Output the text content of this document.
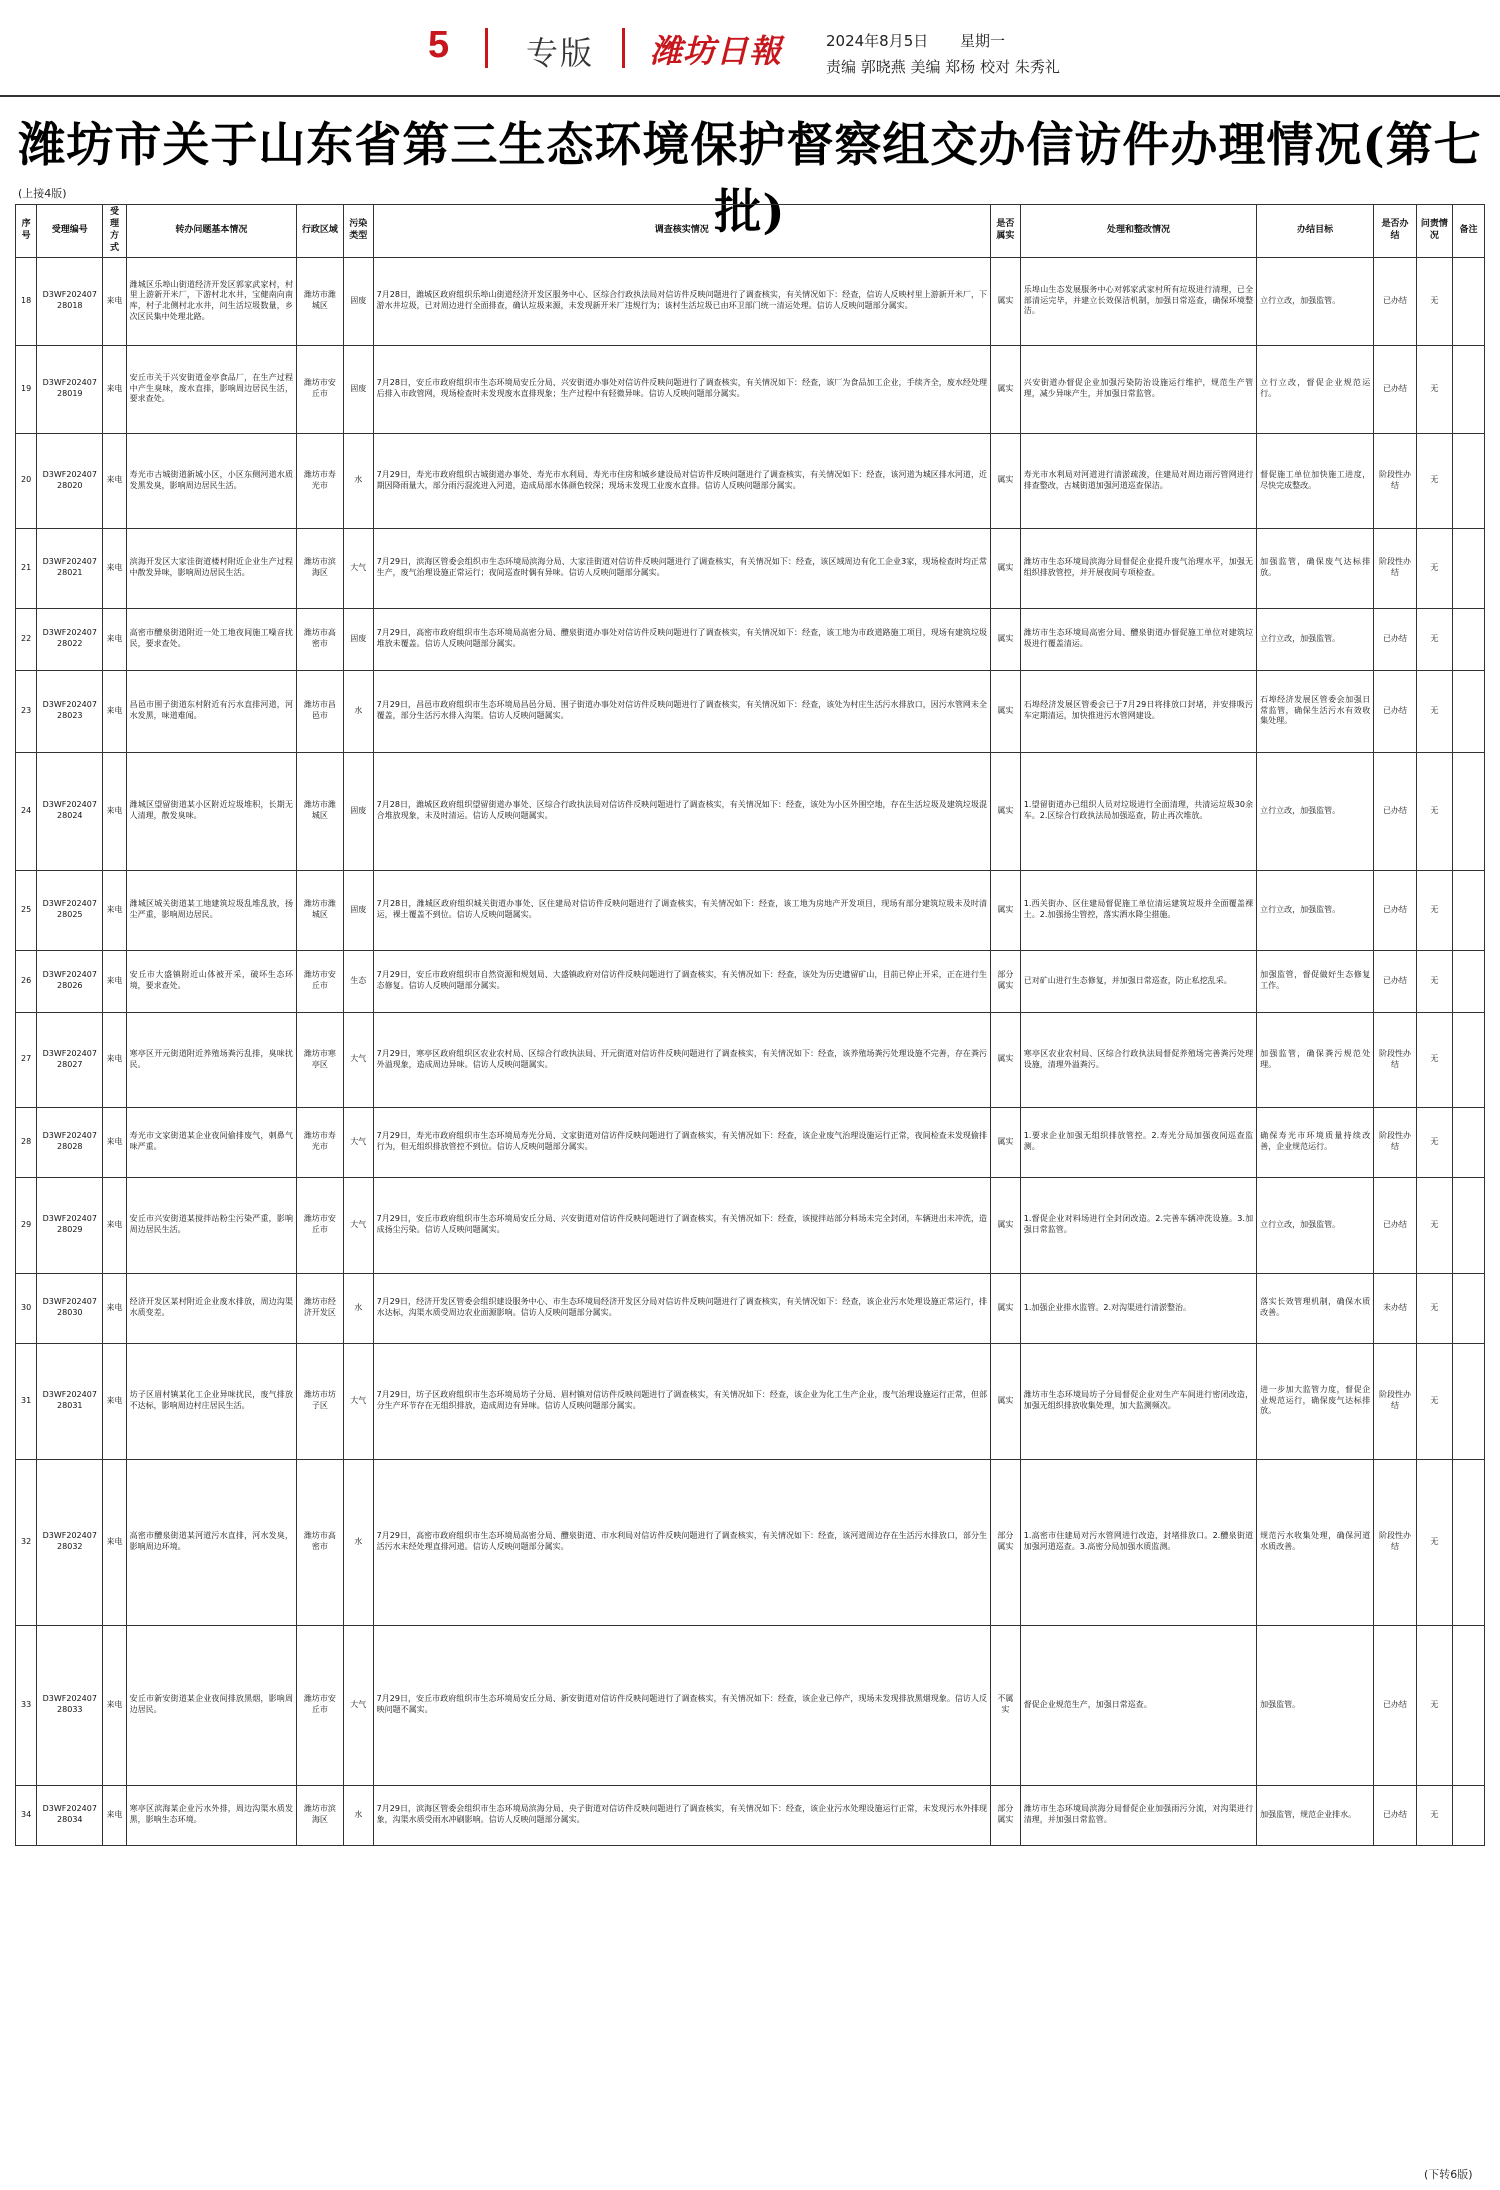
5 专版 潍坊日報	2024年8月5日 星期一
责编 郭晓燕 美编 郑杨 校对 朱秀礼
潍坊市关于山东省第三生态环境保护督察组交办信访件办理情况(第七批)
(上接4版)
序号	受理编号	受理方式	转办问题基本情况	行政区域	污染类型	调查核实情况	是否属实	处理和整改情况	办结目标	是否办结	问责情况	备注
18	D3WF20240728018	来电	潍城区乐埠山街道经济开发区郭家武家村，村里上游新开米厂，下游村北水井，宝健南向南库，村子北侧村北水井，问生活垃圾数量，乡次区民集中处理北路。	潍坊市潍城区	固废	7月28日，潍城区政府组织乐埠山街道经济开发区服务中心、区综合行政执法局对信访件反映问题进行了调查核实，有关情况如下：经查，信访人反映村里上游新开米厂，下游水井垃圾，已对周边进行全面排查，确认垃圾来源，未发现新开米厂违规行为；该村生活垃圾已由环卫部门统一清运处理。信访人反映问题部分属实。	属实	乐埠山生态发展服务中心对郭家武家村所有垃圾进行清理，已全部清运完毕，并建立长效保洁机制，加强日常巡查，确保环境整洁。	立行立改，加强监管。	已办结	无	
19	D3WF20240728019	来电	安丘市关于兴安街道金亭食品厂，在生产过程中产生臭味，废水直排，影响周边居民生活，要求查处。	潍坊市安丘市	固废	7月28日，安丘市政府组织市生态环境局安丘分局、兴安街道办事处对信访件反映问题进行了调查核实，有关情况如下：经查，该厂为食品加工企业，手续齐全，废水经处理后排入市政管网，现场检查时未发现废水直排现象；生产过程中有轻微异味。信访人反映问题部分属实。	属实	兴安街道办督促企业加强污染防治设施运行维护，规范生产管理，减少异味产生，并加强日常监管。	立行立改，督促企业规范运行。	已办结	无	
20	D3WF20240728020	来电	寿光市古城街道新城小区，小区东侧河道水质发黑发臭，影响周边居民生活。	潍坊市寿光市	水	7月29日，寿光市政府组织古城街道办事处、寿光市水利局、寿光市住房和城乡建设局对信访件反映问题进行了调查核实，有关情况如下：经查，该河道为城区排水河道，近期因降雨量大，部分雨污混流进入河道，造成局部水体颜色较深；现场未发现工业废水直排。信访人反映问题部分属实。	属实	寿光市水利局对河道进行清淤疏浚，住建局对周边雨污管网进行排查整改，古城街道加强河道巡查保洁。	督促施工单位加快施工进度，尽快完成整改。	阶段性办结	无	
21	D3WF20240728021	来电	滨海开发区大家洼街道楼村附近企业生产过程中散发异味，影响周边居民生活。	潍坊市滨海区	大气	7月29日，滨海区管委会组织市生态环境局滨海分局、大家洼街道对信访件反映问题进行了调查核实，有关情况如下：经查，该区域周边有化工企业3家，现场检查时均正常生产，废气治理设施正常运行；夜间巡查时偶有异味。信访人反映问题部分属实。	属实	潍坊市生态环境局滨海分局督促企业提升废气治理水平，加强无组织排放管控，并开展夜间专项检查。	加强监管，确保废气达标排放。	阶段性办结	无	
22	D3WF20240728022	来电	高密市醴泉街道附近一处工地夜间施工噪音扰民，要求查处。	潍坊市高密市	固废	7月29日，高密市政府组织市生态环境局高密分局、醴泉街道办事处对信访件反映问题进行了调查核实，有关情况如下：经查，该工地为市政道路施工项目，现场有建筑垃圾堆放未覆盖。信访人反映问题部分属实。	属实	潍坊市生态环境局高密分局、醴泉街道办督促施工单位对建筑垃圾进行覆盖清运。	立行立改，加强监管。	已办结	无	
23	D3WF20240728023	来电	昌邑市围子街道东村附近有污水直排河道，河水发黑，味道难闻。	潍坊市昌邑市	水	7月29日，昌邑市政府组织市生态环境局昌邑分局、围子街道办事处对信访件反映问题进行了调查核实，有关情况如下：经查，该处为村庄生活污水排放口，因污水管网未全覆盖，部分生活污水排入沟渠。信访人反映问题属实。	属实	石埠经济发展区管委会已于7月29日将排放口封堵，并安排吸污车定期清运，加快推进污水管网建设。	石埠经济发展区管委会加强日常监管，确保生活污水有效收集处理。	已办结	无	
24	D3WF20240728024	来电	潍城区望留街道某小区附近垃圾堆积，长期无人清理，散发臭味。	潍坊市潍城区	固废	7月28日，潍城区政府组织望留街道办事处、区综合行政执法局对信访件反映问题进行了调查核实，有关情况如下：经查，该处为小区外围空地，存在生活垃圾及建筑垃圾混合堆放现象，未及时清运。信访人反映问题属实。	属实	1.望留街道办已组织人员对垃圾进行全面清理，共清运垃圾30余车。2.区综合行政执法局加强巡查，防止再次堆放。	立行立改，加强监管。	已办结	无	
25	D3WF20240728025	来电	潍城区城关街道某工地建筑垃圾乱堆乱放，扬尘严重，影响周边居民。	潍坊市潍城区	固废	7月28日，潍城区政府组织城关街道办事处、区住建局对信访件反映问题进行了调查核实，有关情况如下：经查，该工地为房地产开发项目，现场有部分建筑垃圾未及时清运，裸土覆盖不到位。信访人反映问题属实。	属实	1.西关街办、区住建局督促施工单位清运建筑垃圾并全面覆盖裸土。2.加强扬尘管控，落实洒水降尘措施。	立行立改，加强监管。	已办结	无	
26	D3WF20240728026	来电	安丘市大盛镇附近山体被开采，破坏生态环境，要求查处。	潍坊市安丘市	生态	7月29日，安丘市政府组织市自然资源和规划局、大盛镇政府对信访件反映问题进行了调查核实，有关情况如下：经查，该处为历史遗留矿山，目前已停止开采，正在进行生态修复。信访人反映问题部分属实。	部分属实	已对矿山进行生态修复，并加强日常巡查，防止私挖乱采。	加强监管，督促做好生态修复工作。	已办结	无	
27	D3WF20240728027	来电	寒亭区开元街道附近养殖场粪污乱排，臭味扰民。	潍坊市寒亭区	大气	7月29日，寒亭区政府组织区农业农村局、区综合行政执法局、开元街道对信访件反映问题进行了调查核实，有关情况如下：经查，该养殖场粪污处理设施不完善，存在粪污外溢现象，造成周边异味。信访人反映问题属实。	属实	寒亭区农业农村局、区综合行政执法局督促养殖场完善粪污处理设施，清理外溢粪污。	加强监管，确保粪污规范处理。	阶段性办结	无	
28	D3WF20240728028	来电	寿光市文家街道某企业夜间偷排废气，刺鼻气味严重。	潍坊市寿光市	大气	7月29日，寿光市政府组织市生态环境局寿光分局、文家街道对信访件反映问题进行了调查核实，有关情况如下：经查，该企业废气治理设施运行正常，夜间检查未发现偷排行为，但无组织排放管控不到位。信访人反映问题部分属实。	属实	1.要求企业加强无组织排放管控。2.寿光分局加强夜间巡查监测。	确保寿光市环境质量持续改善，企业规范运行。	阶段性办结	无	
29	D3WF20240728029	来电	安丘市兴安街道某搅拌站粉尘污染严重，影响周边居民生活。	潍坊市安丘市	大气	7月29日，安丘市政府组织市生态环境局安丘分局、兴安街道对信访件反映问题进行了调查核实，有关情况如下：经查，该搅拌站部分料场未完全封闭，车辆进出未冲洗，造成扬尘污染。信访人反映问题属实。	属实	1.督促企业对料场进行全封闭改造。2.完善车辆冲洗设施。3.加强日常监管。	立行立改，加强监管。	已办结	无	
30	D3WF20240728030	来电	经济开发区某村附近企业废水排放，周边沟渠水质变差。	潍坊市经济开发区	水	7月29日，经济开发区管委会组织建设服务中心、市生态环境局经济开发区分局对信访件反映问题进行了调查核实，有关情况如下：经查，该企业污水处理设施正常运行，排水达标，沟渠水质受周边农业面源影响。信访人反映问题部分属实。	属实	1.加强企业排水监管。2.对沟渠进行清淤整治。	落实长效管理机制，确保水质改善。	未办结	无	
31	D3WF20240728031	来电	坊子区眉村镇某化工企业异味扰民，废气排放不达标，影响周边村庄居民生活。	潍坊市坊子区	大气	7月29日，坊子区政府组织市生态环境局坊子分局、眉村镇对信访件反映问题进行了调查核实，有关情况如下：经查，该企业为化工生产企业，废气治理设施运行正常，但部分生产环节存在无组织排放，造成周边有异味。信访人反映问题部分属实。	属实	潍坊市生态环境局坊子分局督促企业对生产车间进行密闭改造，加强无组织排放收集处理，加大监测频次。	进一步加大监管力度，督促企业规范运行，确保废气达标排放。	阶段性办结	无	
32	D3WF20240728032	来电	高密市醴泉街道某河道污水直排，河水发臭，影响周边环境。	潍坊市高密市	水	7月29日，高密市政府组织市生态环境局高密分局、醴泉街道、市水利局对信访件反映问题进行了调查核实，有关情况如下：经查，该河道周边存在生活污水排放口，部分生活污水未经处理直排河道。信访人反映问题部分属实。	部分属实	1.高密市住建局对污水管网进行改造，封堵排放口。2.醴泉街道加强河道巡查。3.高密分局加强水质监测。	规范污水收集处理，确保河道水质改善。	阶段性办结	无	
33	D3WF20240728033	来电	安丘市新安街道某企业夜间排放黑烟，影响周边居民。	潍坊市安丘市	大气	7月29日，安丘市政府组织市生态环境局安丘分局、新安街道对信访件反映问题进行了调查核实，有关情况如下：经查，该企业已停产，现场未发现排放黑烟现象。信访人反映问题不属实。	不属实	督促企业规范生产，加强日常巡查。	加强监管。	已办结	无	
34	D3WF20240728034	来电	寒亭区滨海某企业污水外排，周边沟渠水质发黑，影响生态环境。	潍坊市滨海区	水	7月29日，滨海区管委会组织市生态环境局滨海分局、央子街道对信访件反映问题进行了调查核实，有关情况如下：经查，该企业污水处理设施运行正常，未发现污水外排现象，沟渠水质受雨水冲刷影响。信访人反映问题部分属实。	部分属实	潍坊市生态环境局滨海分局督促企业加强雨污分流，对沟渠进行清理，并加强日常监管。	加强监管，规范企业排水。	已办结	无	
(下转6版)
